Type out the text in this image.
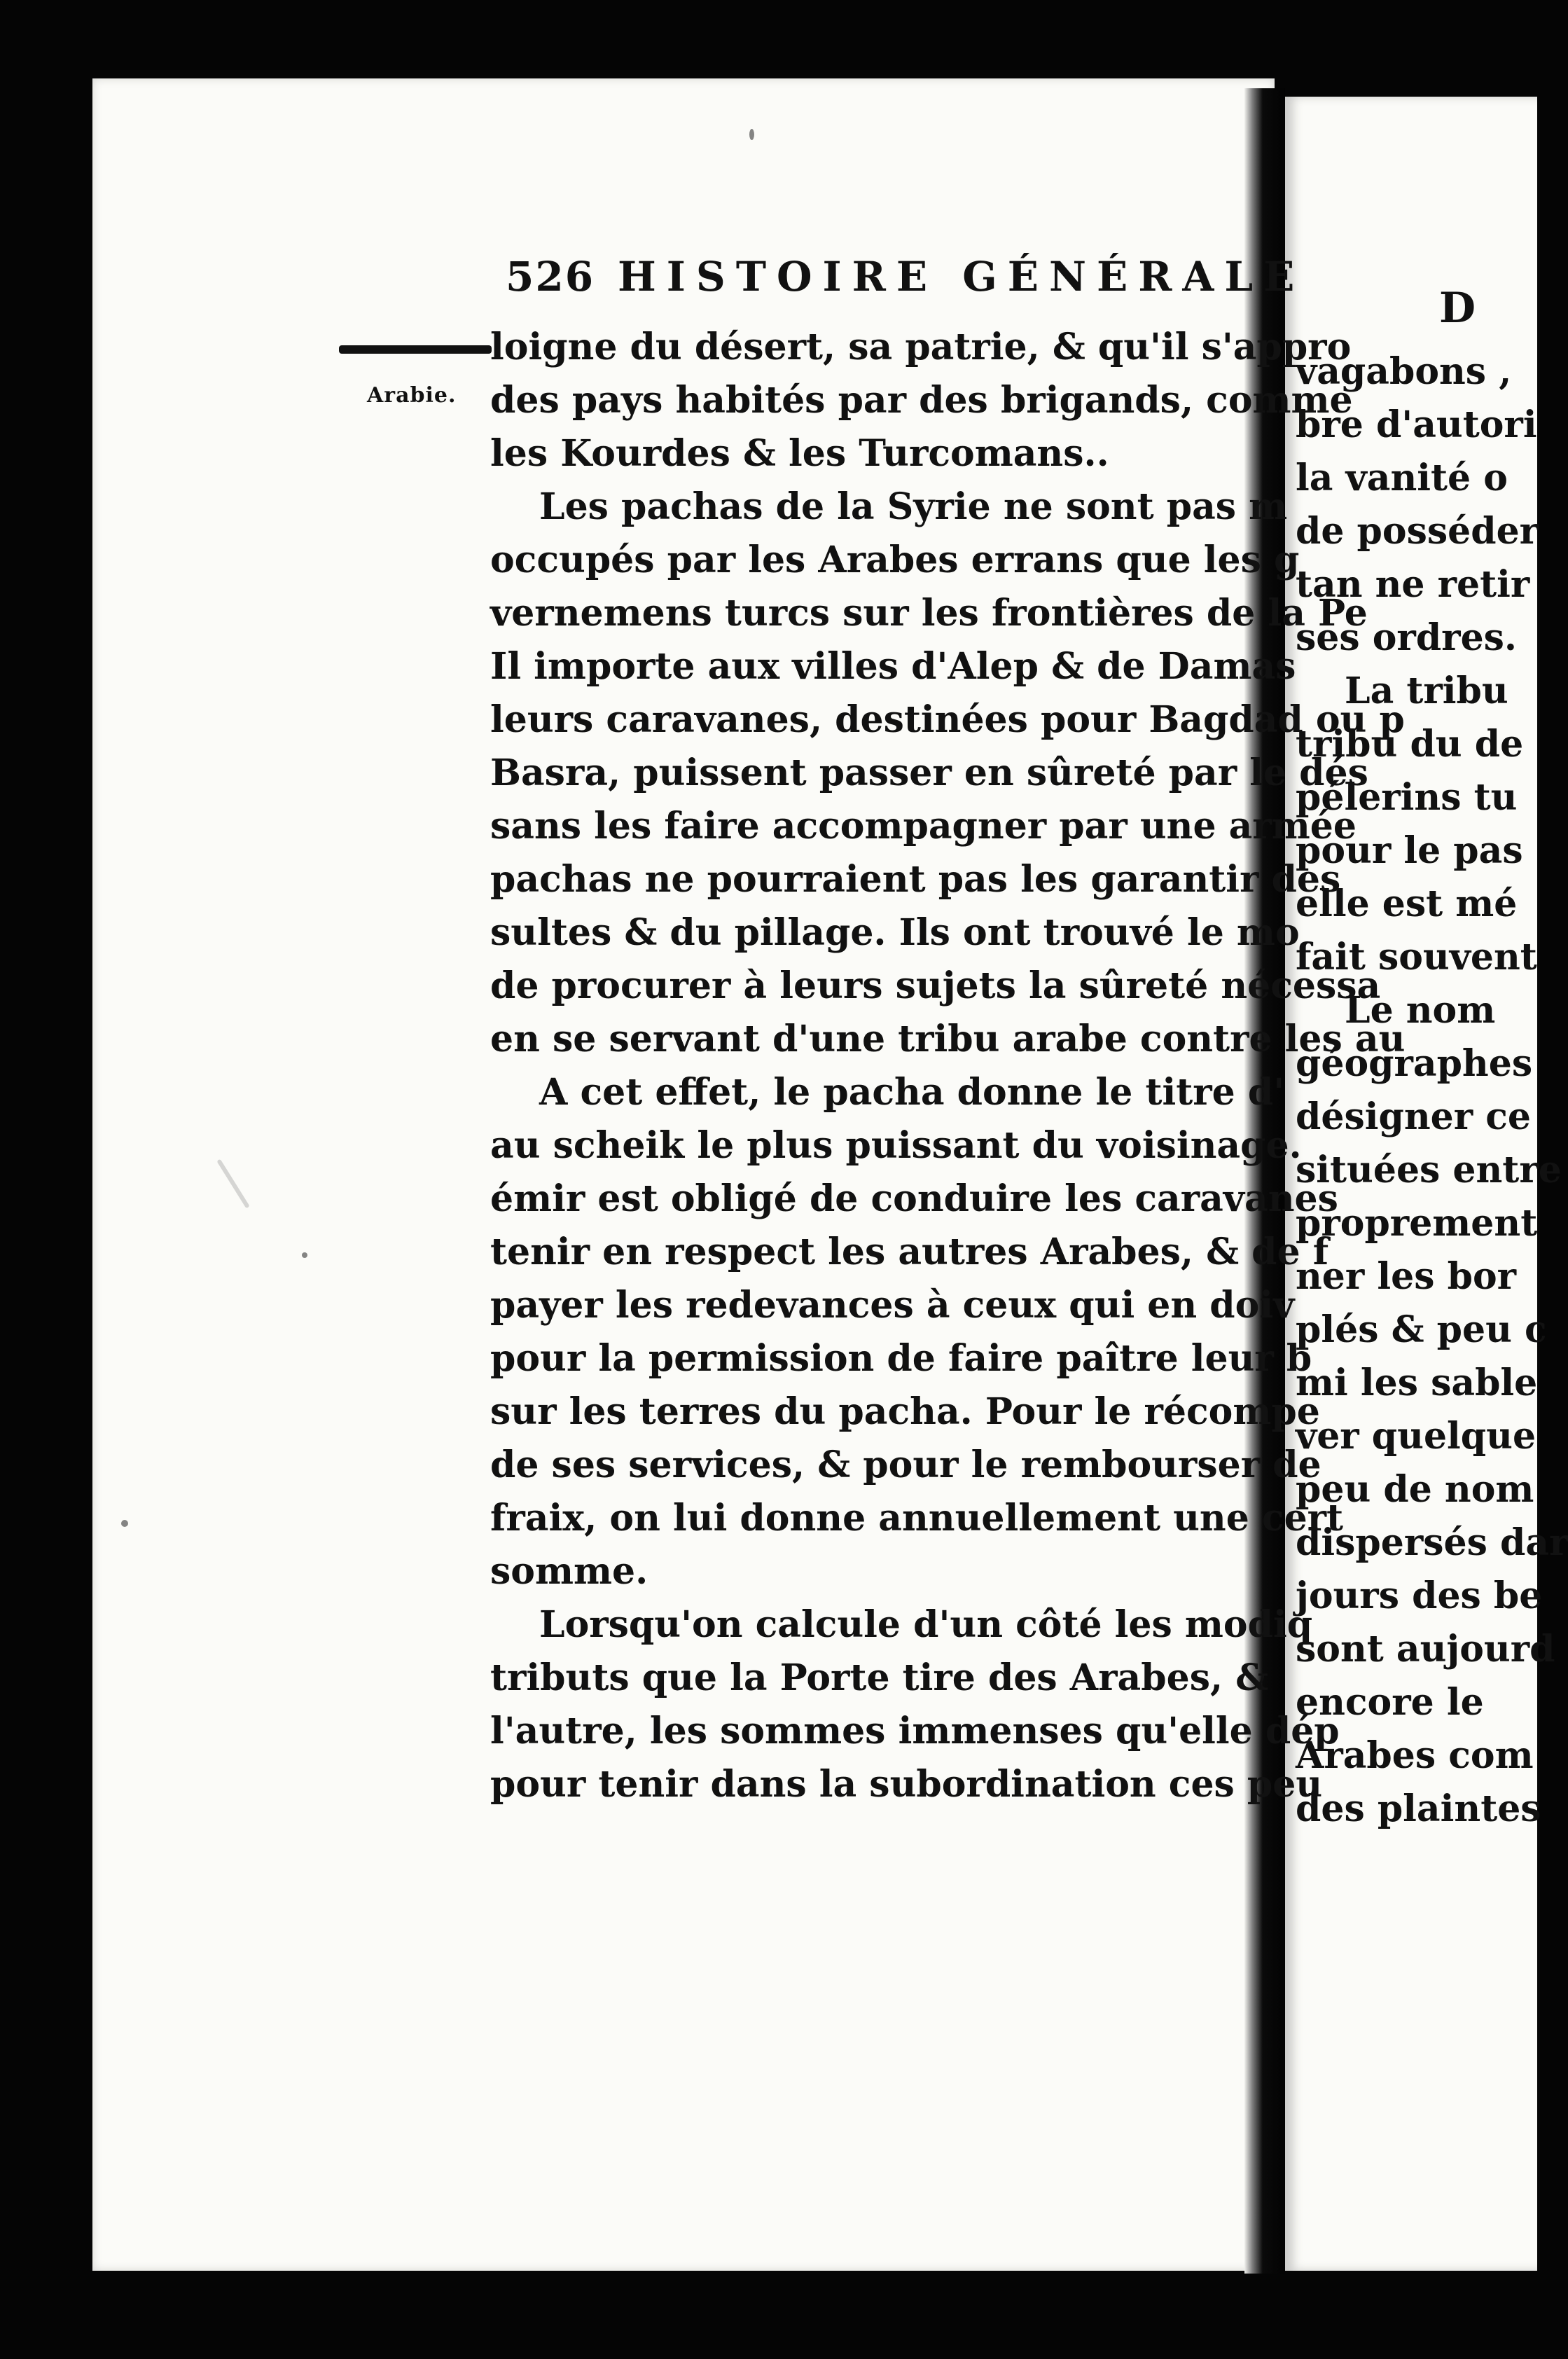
526 HISTOIRE GÉNÉRALE
D
Arabie.
loigne du désert, sa patrie, & qu'il s'appro
des pays habités par des brigands, comme
les Kourdes & les Turcomans..
Les pachas de la Syrie ne sont pas m
occupés par les Arabes errans que les g
vernemens turcs sur les frontières de la Pe
Il importe aux villes d'Alep & de Damas
leurs caravanes, destinées pour Bagdad ou p
Basra, puissent passer en sûreté par le dés
sans les faire accompagner par une armée
pachas ne pourraient pas les garantir des
sultes & du pillage. Ils ont trouvé le mo
de procurer à leurs sujets la sûreté nécessa
en se servant d'une tribu arabe contre les au
A cet effet, le pacha donne le titre d'
au scheik le plus puissant du voisinage.
émir est obligé de conduire les caravanes
tenir en respect les autres Arabes, & de f
payer les redevances à ceux qui en doiv
pour la permission de faire paître leur b
sur les terres du pacha. Pour le récompe
de ses services, & pour le rembourser de
fraix, on lui donne annuellement une cert
somme.
Lorsqu'on calcule d'un côté les modiq
tributs que la Porte tire des Arabes, &
l'autre, les sommes immenses qu'elle dép
pour tenir dans la subordination ces peu
vagabons ,
bre d'autori
la vanité o
de posséder
tan ne retir
ses ordres.
La tribu
tribu du de
pélerins tu
pour le pas
elle est mé
fait souvent
Le nom
géographes
désigner ce
situées entre
proprement
ner les bor
plés & peu c
mi les sable
ver quelque
peu de nom
dispersés dar
jours des be
sont aujourd
encore le
Arabes com
des plaintes
